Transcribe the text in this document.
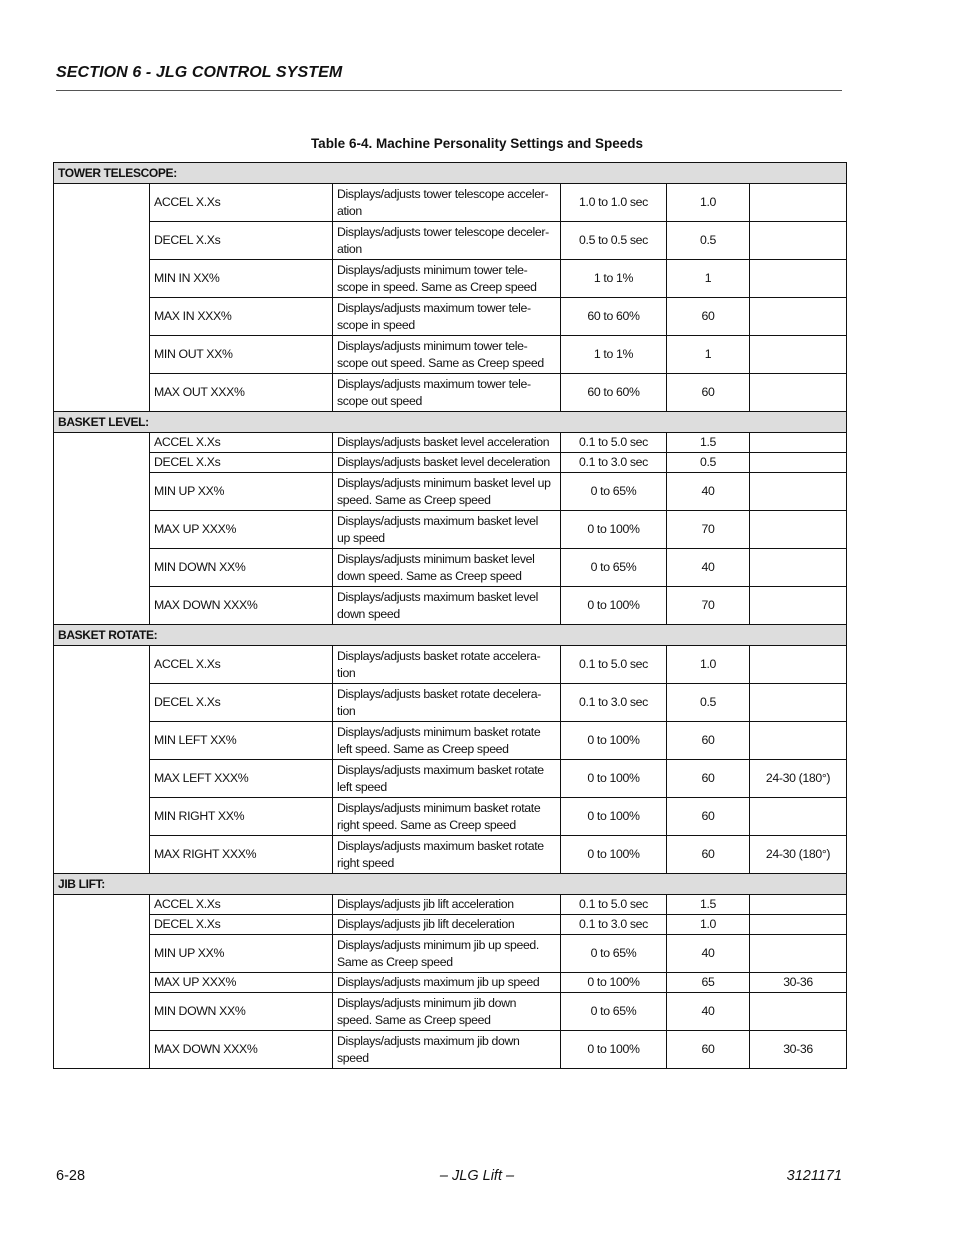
SECTION 6 - JLG CONTROL SYSTEM
Table 6-4. Machine Personality Settings and Speeds
TOWER TELESCOPE:					
	ACCEL X.Xs	Displays/adjusts tower telescope acceler-
ation	1.0 to 1.0 sec	1.0	
	DECEL X.Xs	Displays/adjusts tower telescope deceler-
ation	0.5 to 0.5 sec	0.5	
	MIN IN XX%	Displays/adjusts minimum tower tele-
scope in speed. Same as Creep speed	1 to 1%	1	
	MAX IN XXX%	Displays/adjusts maximum tower tele-
scope in speed	60 to 60%	60	
	MIN OUT XX%	Displays/adjusts minimum tower tele-
scope out speed. Same as Creep speed	1 to 1%	1	
	MAX OUT XXX%	Displays/adjusts maximum tower tele-
scope out speed	60 to 60%	60	
BASKET LEVEL:					
	ACCEL X.Xs	Displays/adjusts basket level acceleration	0.1 to 5.0 sec	1.5	
	DECEL X.Xs	Displays/adjusts basket level deceleration	0.1 to 3.0 sec	0.5	
	MIN UP XX%	Displays/adjusts minimum basket level up
speed. Same as Creep speed	0 to 65%	40	
	MAX UP XXX%	Displays/adjusts maximum basket level
up speed	0 to 100%	70	
	MIN DOWN XX%	Displays/adjusts minimum basket level
down speed. Same as Creep speed	0 to 65%	40	
	MAX DOWN XXX%	Displays/adjusts maximum basket level
down speed	0 to 100%	70	
BASKET ROTATE:					
	ACCEL X.Xs	Displays/adjusts basket rotate accelera-
tion	0.1 to 5.0 sec	1.0	
	DECEL X.Xs	Displays/adjusts basket rotate decelera-
tion	0.1 to 3.0 sec	0.5	
	MIN LEFT XX%	Displays/adjusts minimum basket rotate
left speed. Same as Creep speed	0 to 100%	60	
	MAX LEFT XXX%	Displays/adjusts maximum basket rotate
left speed	0 to 100%	60	24-30 (180°)
	MIN RIGHT XX%	Displays/adjusts minimum basket rotate
right speed. Same as Creep speed	0 to 100%	60	
	MAX RIGHT XXX%	Displays/adjusts maximum basket rotate
right speed	0 to 100%	60	24-30 (180°)
JIB LIFT:					
	ACCEL X.Xs	Displays/adjusts jib lift acceleration	0.1 to 5.0 sec	1.5	
	DECEL X.Xs	Displays/adjusts jib lift deceleration	0.1 to 3.0 sec	1.0	
	MIN UP XX%	Displays/adjusts minimum jib up speed.
Same as Creep speed	0 to 65%	40	
	MAX UP XXX%	Displays/adjusts maximum jib up speed	0 to 100%	65	30-36
	MIN DOWN XX%	Displays/adjusts minimum jib down
speed. Same as Creep speed	0 to 65%	40	
	MAX DOWN XXX%	Displays/adjusts maximum jib down
speed	0 to 100%	60	30-36
6-28	– JLG Lift –	3121171
